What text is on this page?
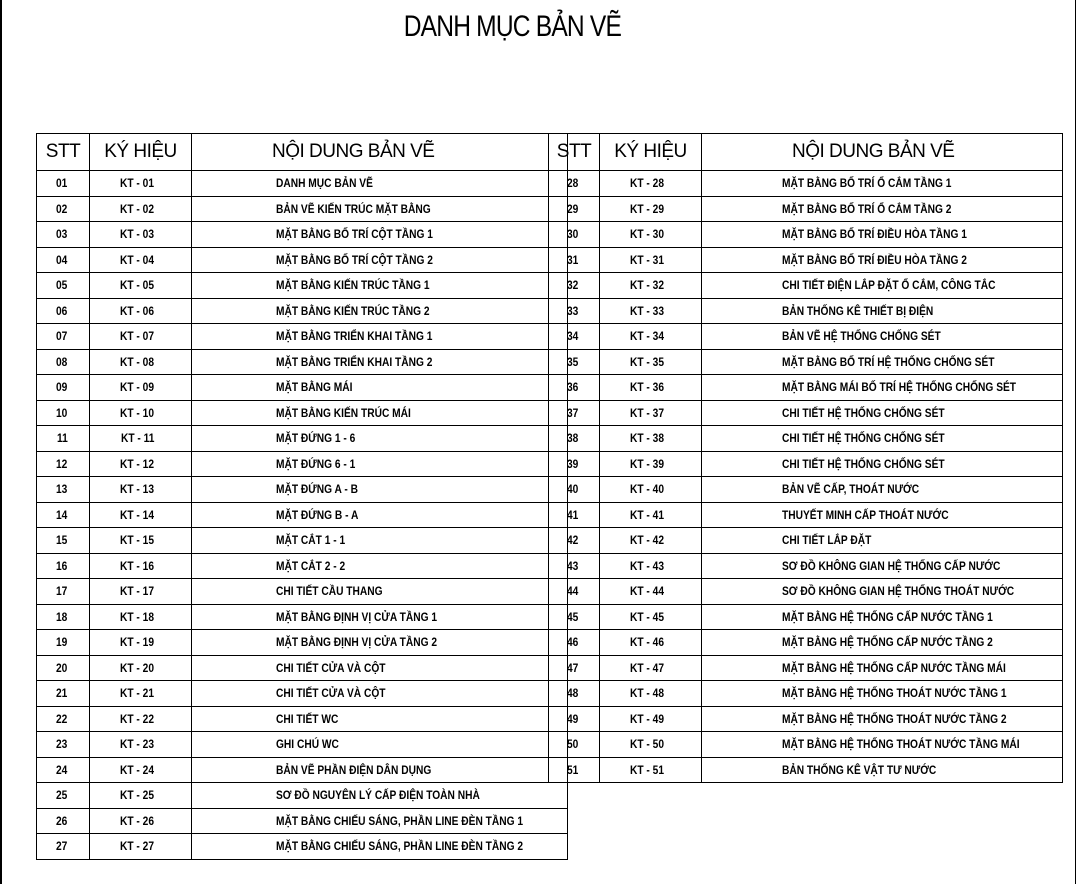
DANH MỤC BẢN VẼ
STT	KÝ HIỆU	NỘI DUNG BẢN VẼ
01	KT - 01	DANH MỤC BẢN VẼ
02	KT - 02	BẢN VẼ KIẾN TRÚC MẶT BẰNG
03	KT - 03	MẶT BẰNG BỐ TRÍ CỘT TẦNG 1
04	KT - 04	MẶT BẰNG BỐ TRÍ CỘT TẦNG 2
05	KT - 05	MẶT BẰNG KIẾN TRÚC TẦNG 1
06	KT - 06	MẶT BẰNG KIẾN TRÚC TẦNG 2
07	KT - 07	MẶT BẰNG TRIỂN KHAI TẦNG 1
08	KT - 08	MẶT BẰNG TRIỂN KHAI TẦNG 2
09	KT - 09	MẶT BẰNG MÁI
10	KT - 10	MẶT BẰNG KIẾN TRÚC MÁI
11	KT - 11	MẶT ĐỨNG 1 - 6
12	KT - 12	MẶT ĐỨNG 6 - 1
13	KT - 13	MẶT ĐỨNG A - B
14	KT - 14	MẶT ĐỨNG B - A
15	KT - 15	MẶT CẮT 1 - 1
16	KT - 16	MẶT CẮT 2 - 2
17	KT - 17	CHI TIẾT CẦU THANG
18	KT - 18	MẶT BẰNG ĐỊNH VỊ CỬA TẦNG 1
19	KT - 19	MẶT BẰNG ĐỊNH VỊ CỬA TẦNG 2
20	KT - 20	CHI TIẾT CỬA VÀ CỘT
21	KT - 21	CHI TIẾT CỬA VÀ CỘT
22	KT - 22	CHI TIẾT WC
23	KT - 23	GHI CHÚ WC
24	KT - 24	BẢN VẼ PHẦN ĐIỆN DÂN DỤNG
25	KT - 25	SƠ ĐỒ NGUYÊN LÝ CẤP ĐIỆN TOÀN NHÀ
26	KT - 26	MẶT BẰNG CHIẾU SÁNG, PHẦN LINE ĐÈN TẦNG 1
27	KT - 27	MẶT BẰNG CHIẾU SÁNG, PHẦN LINE ĐÈN TẦNG 2
STT	KÝ HIỆU	NỘI DUNG BẢN VẼ
28	KT - 28	MẶT BẰNG BỐ TRÍ Ổ CẮM TẦNG 1
29	KT - 29	MẶT BẰNG BỐ TRÍ Ổ CẮM TẦNG 2
30	KT - 30	MẶT BẰNG BỐ TRÍ ĐIỀU HÒA TẦNG 1
31	KT - 31	MẶT BẰNG BỐ TRÍ ĐIỀU HÒA TẦNG 2
32	KT - 32	CHI TIẾT ĐIỆN LẮP ĐẶT Ổ CẮM, CÔNG TẮC
33	KT - 33	BẢN THỐNG KÊ THIẾT BỊ ĐIỆN
34	KT - 34	BẢN VẼ HỆ THỐNG CHỐNG SÉT
35	KT - 35	MẶT BẰNG BỐ TRÍ HỆ THỐNG CHỐNG SÉT
36	KT - 36	MẶT BẰNG MÁI BỐ TRÍ HỆ THỐNG CHỐNG SÉT
37	KT - 37	CHI TIẾT HỆ THỐNG CHỐNG SÉT
38	KT - 38	CHI TIẾT HỆ THỐNG CHỐNG SÉT
39	KT - 39	CHI TIẾT HỆ THỐNG CHỐNG SÉT
40	KT - 40	BẢN VẼ CẤP, THOÁT NƯỚC
41	KT - 41	THUYẾT MINH CẤP THOÁT NƯỚC
42	KT - 42	CHI TIẾT LẮP ĐẶT
43	KT - 43	SƠ ĐỒ KHÔNG GIAN HỆ THỐNG CẤP NƯỚC
44	KT - 44	SƠ ĐỒ KHÔNG GIAN HỆ THỐNG THOÁT NƯỚC
45	KT - 45	MẶT BẰNG HỆ THỐNG CẤP NƯỚC TẦNG 1
46	KT - 46	MẶT BẰNG HỆ THỐNG CẤP NƯỚC TẦNG 2
47	KT - 47	MẶT BẰNG HỆ THỐNG CẤP NƯỚC TẦNG MÁI
48	KT - 48	MẶT BẰNG HỆ THỐNG THOÁT NƯỚC TẦNG 1
49	KT - 49	MẶT BẰNG HỆ THỐNG THOÁT NƯỚC TẦNG 2
50	KT - 50	MẶT BẰNG HỆ THỐNG THOÁT NƯỚC TẦNG MÁI
51	KT - 51	BẢN THỐNG KÊ VẬT TƯ NƯỚC
